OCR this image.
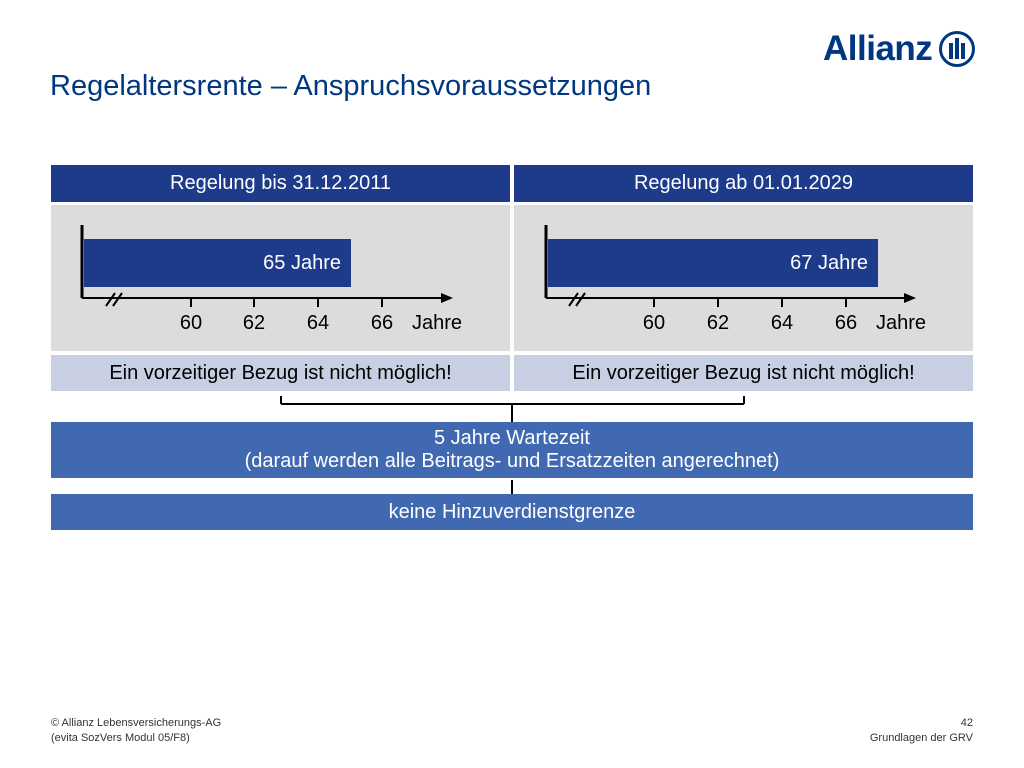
Regelaltersrente – Anspruchsvoraussetzungen
Allianz
Regelung bis 31.12.2011
65 Jahre
60	62	64	66 Jahre
Ein vorzeitiger Bezug ist nicht möglich!
Regelung ab 01.01.2029
67 Jahre
60	62	64	66 Jahre
Ein vorzeitiger Bezug ist nicht möglich!
5 Jahre Wartezeit
(darauf werden alle Beitrags- und Ersatzzeiten angerechnet)
keine Hinzuverdienstgrenze
© Allianz Lebensversicherungs-AG
(evita SozVers Modul 05/F8)
42
Grundlagen der GRV
